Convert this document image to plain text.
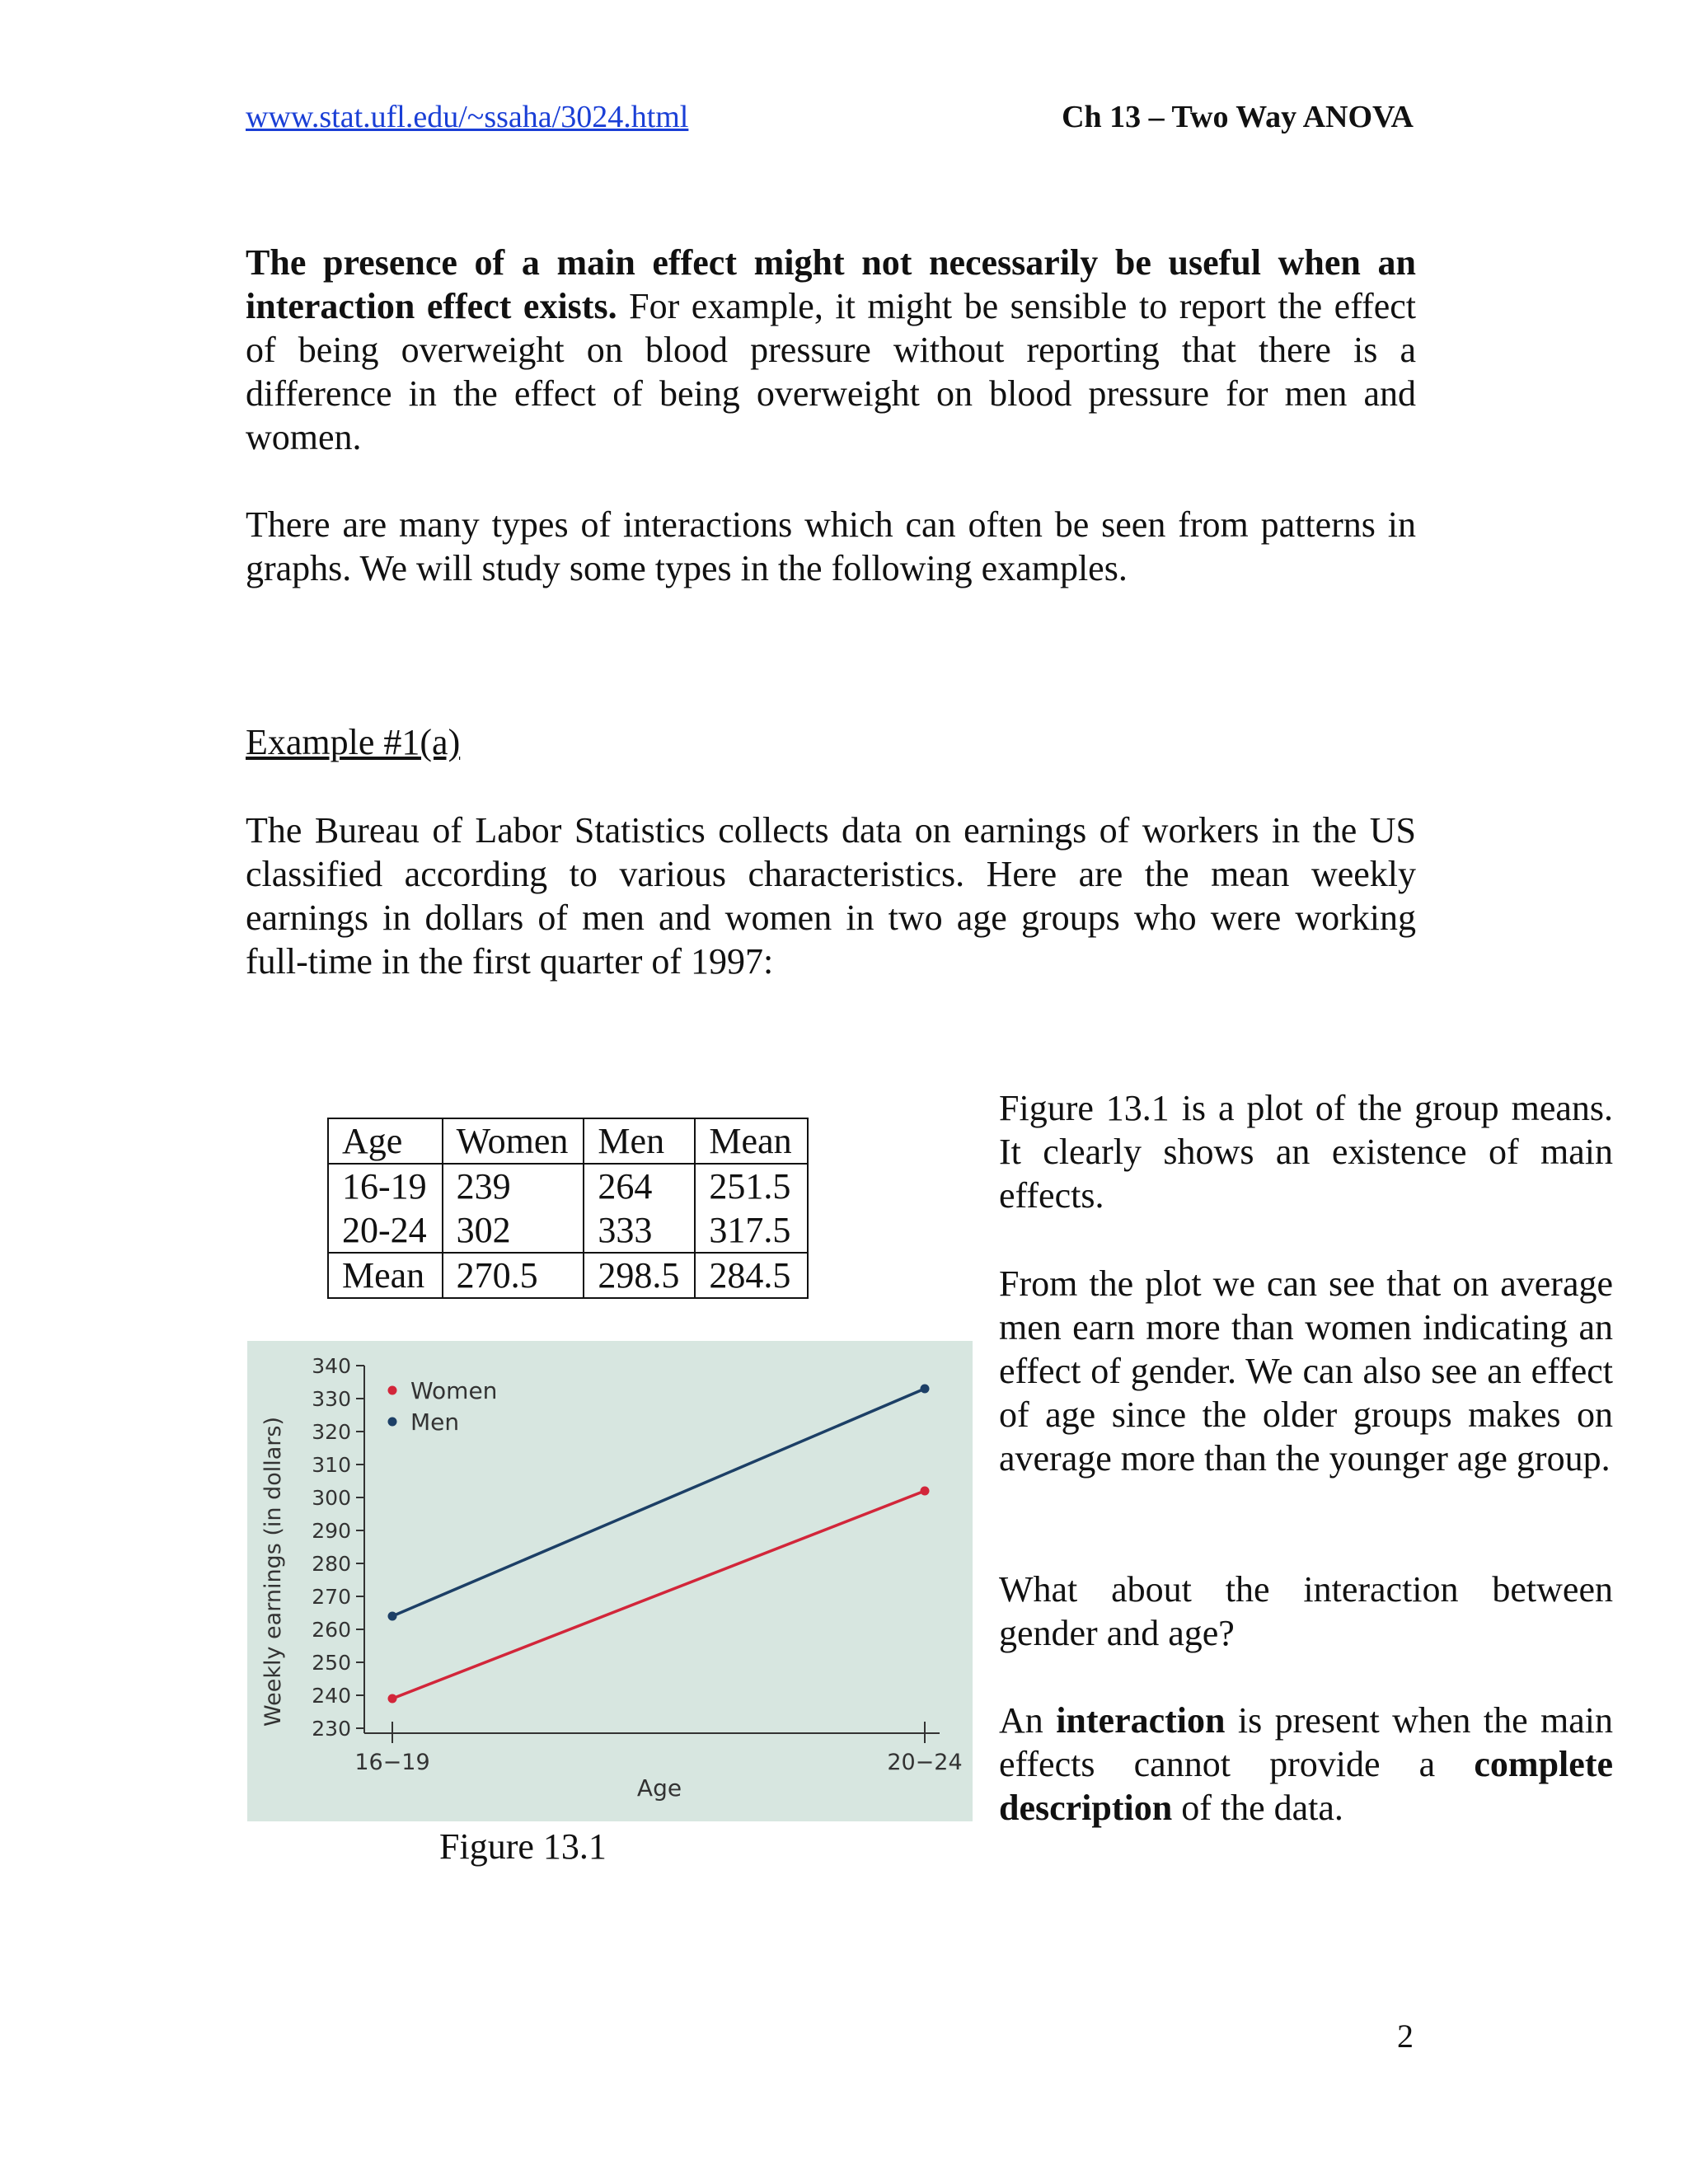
www.stat.ufl.edu/~ssaha/3024.html	Ch 13 – Two Way ANOVA
The presence of a main effect might not necessarily be useful when an interaction effect exists. For example, it might be sensible to report the effect of being overweight on blood pressure without reporting that there is a difference in the effect of being overweight on blood pressure for men and women.
There are many types of interactions which can often be seen from patterns in graphs. We will study some types in the following examples.
Example #1(a)
The Bureau of Labor Statistics collects data on earnings of workers in the US classified according to various characteristics. Here are the mean weekly earnings in dollars of men and women in two age groups who were working full-time in the first quarter of 1997:
Age	Women	Men	Mean
16-19	239	264	251.5
20-24	302	333	317.5
Mean	270.5	298.5	284.5
230
240
250
260
270
280
290
300
310
320
330
340
16−19	20−24
Women
Men
Weekly earnings (in dollars)
Age
Figure 13.1
Figure 13.1 is a plot of the group means. It clearly shows an existence of main effects.
From the plot we can see that on average men earn more than women indicating an effect of gender. We can also see an effect of age since the older groups makes on average more than the younger age group.
What about the interaction between gender and age?
An interaction is present when the main effects cannot provide a complete description of the data.
2
